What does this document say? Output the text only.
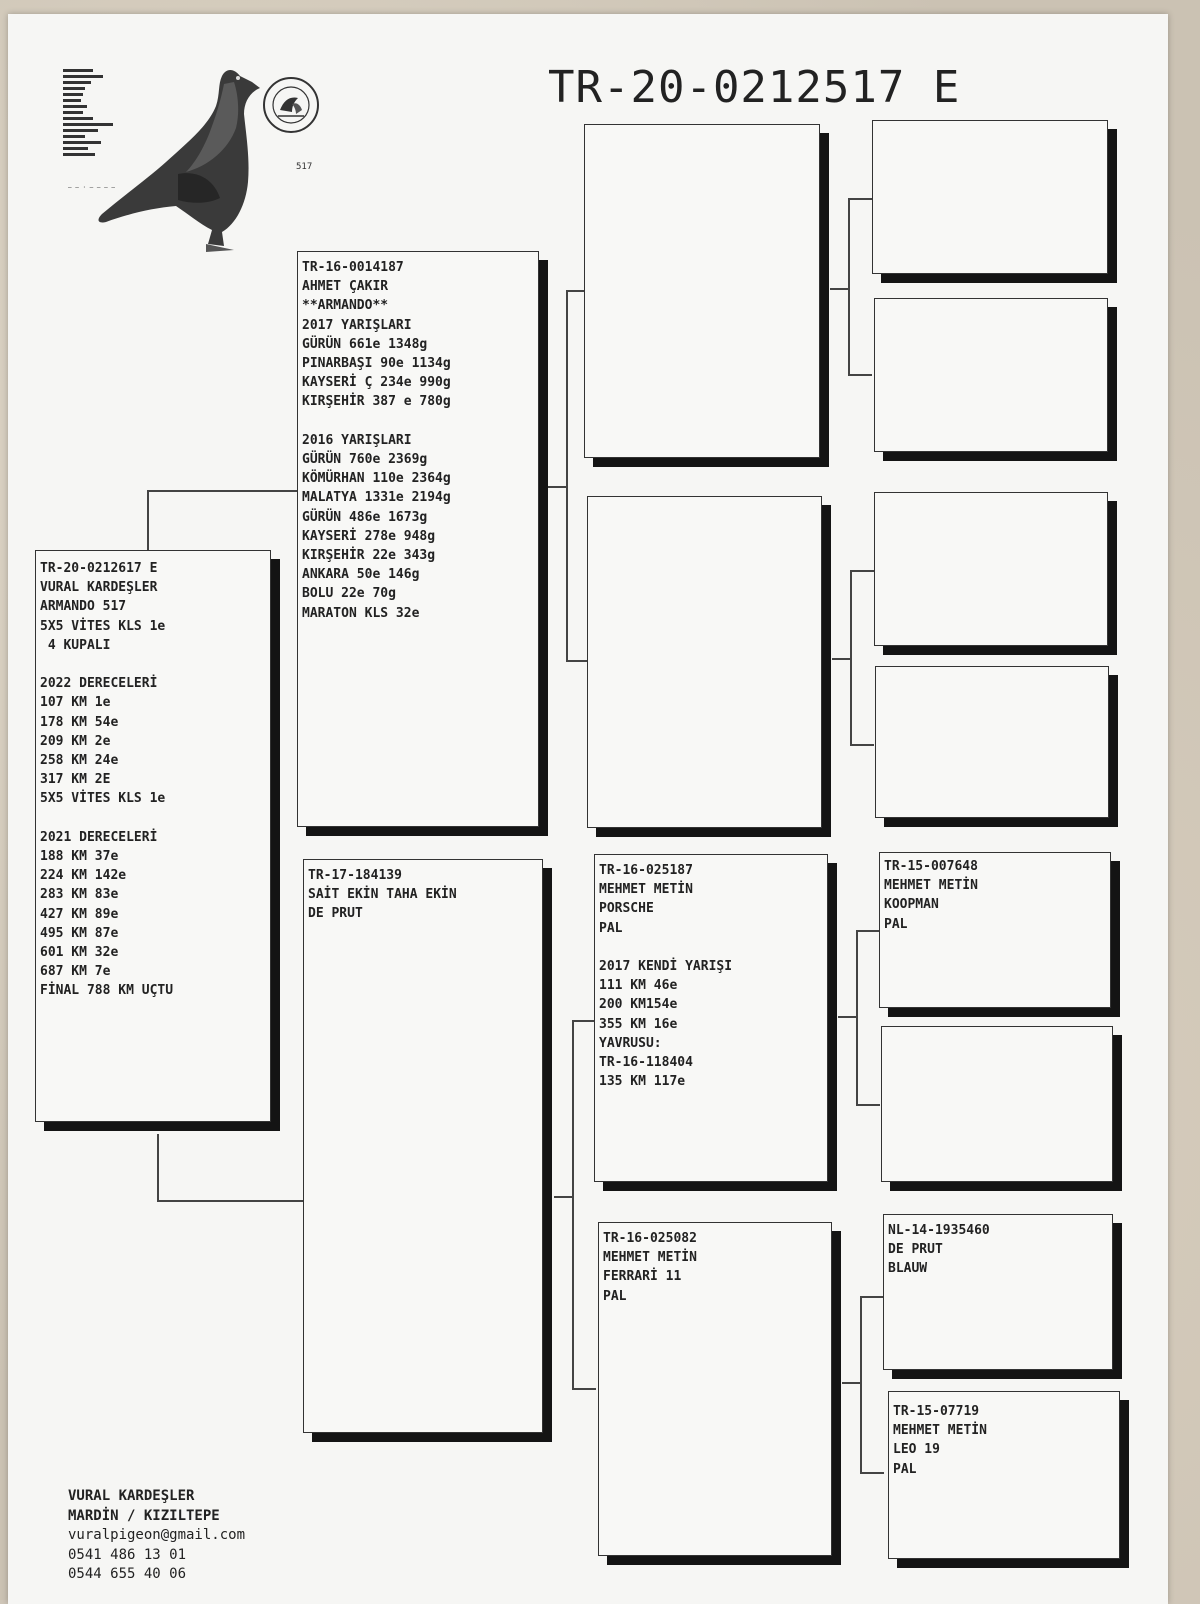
517
— — · — — — —
TR-20-0212517 E
TR-20-0212617 E
VURAL KARDEŞLER
ARMANDO 517
5X5 VİTES KLS 1e
4 KUPALI

2022 DERECELERİ
107 KM 1e
178 KM 54e
209 KM 2e
258 KM 24e
317 KM 2E
5X5 VİTES KLS 1e

2021 DERECELERİ
188 KM 37e
224 KM 142e
283 KM 83e
427 KM 89e
495 KM 87e
601 KM 32e
687 KM 7e
FİNAL 788 KM UÇTU
TR-16-0014187
AHMET ÇAKIR
**ARMANDO**
2017 YARIŞLARI
GÜRÜN 661e 1348g
PINARBAŞI 90e 1134g
KAYSERİ Ç 234e 990g
KIRŞEHİR 387 e 780g

2016 YARIŞLARI
GÜRÜN 760e 2369g
KÖMÜRHAN 110e 2364g
MALATYA 1331e 2194g
GÜRÜN 486e 1673g
KAYSERİ 278e 948g
KIRŞEHİR 22e 343g
ANKARA 50e 146g
BOLU 22e 70g
MARATON KLS 32e
TR-17-184139
SAİT EKİN TAHA EKİN
DE PRUT
TR-16-025187
MEHMET METİN
PORSCHE
PAL

2017 KENDİ YARIŞI
111 KM 46e
200 KM154e
355 KM 16e
YAVRUSU:
TR-16-118404
135 KM 117e
TR-16-025082
MEHMET METİN
FERRARİ 11
PAL
TR-15-007648
MEHMET METİN
KOOPMAN
PAL
NL-14-1935460
DE PRUT
BLAUW
TR-15-07719
MEHMET METİN
LEO 19
PAL
VURAL KARDEŞLER
MARDİN / KIZILTEPE
vuralpigeon@gmail.com
0541 486 13 01
0544 655 40 06
